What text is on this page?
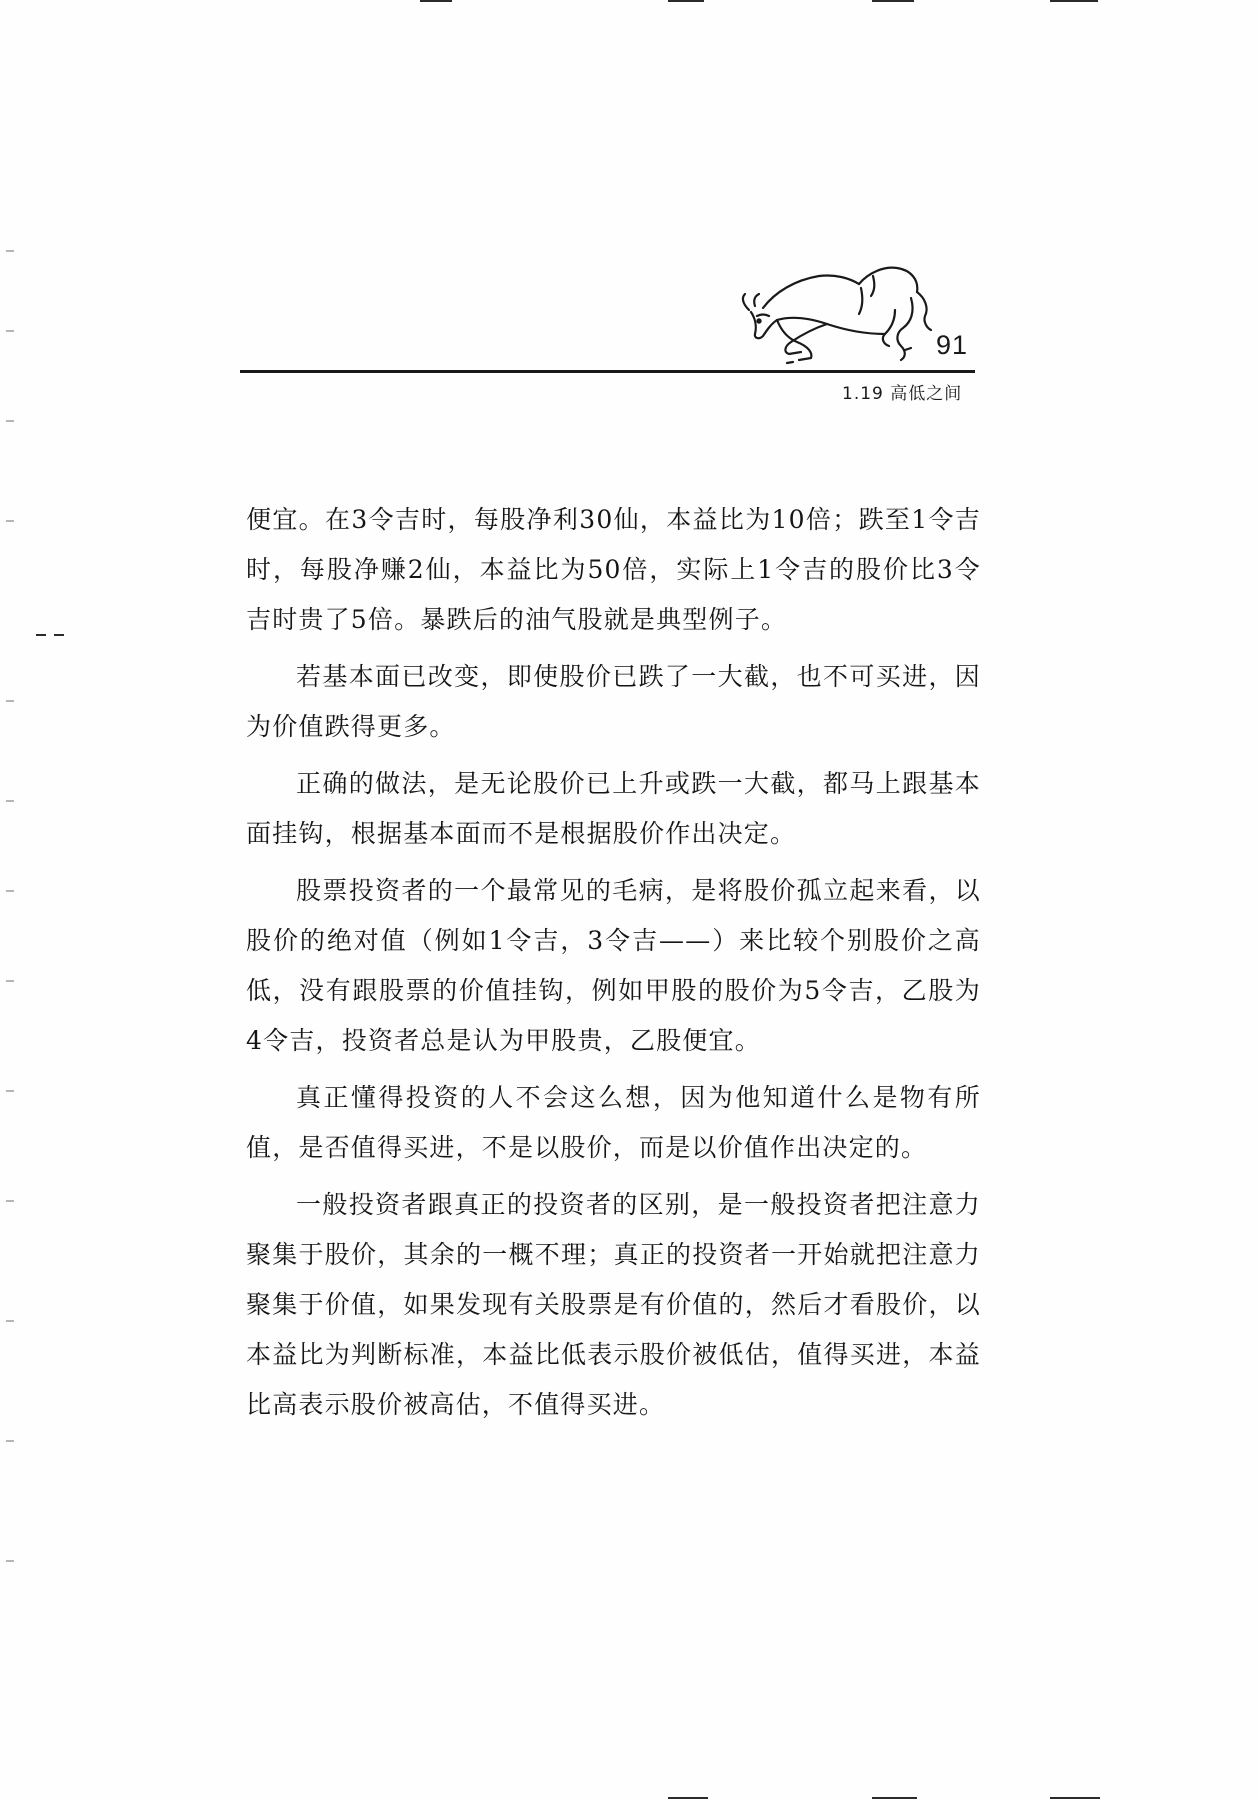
91
1.19 高低之间

便宜。在3令吉时，每股净利30仙，本益比为10倍；跌至1令吉时，每股净赚2仙，本益比为50倍，实际上1令吉的股价比3令吉时贵了5倍。暴跌后的油气股就是典型例子。

若基本面已改变，即使股价已跌了一大截，也不可买进，因为价值跌得更多。

正确的做法，是无论股价已上升或跌一大截，都马上跟基本面挂钩，根据基本面而不是根据股价作出决定。

股票投资者的一个最常见的毛病，是将股价孤立起来看，以股价的绝对值（例如1令吉，3令吉——）来比较个别股价之高低，没有跟股票的价值挂钩，例如甲股的股价为5令吉，乙股为4令吉，投资者总是认为甲股贵，乙股便宜。

真正懂得投资的人不会这么想，因为他知道什么是物有所值，是否值得买进，不是以股价，而是以价值作出决定的。

一般投资者跟真正的投资者的区别，是一般投资者把注意力聚集于股价，其余的一概不理；真正的投资者一开始就把注意力聚集于价值，如果发现有关股票是有价值的，然后才看股价，以本益比为判断标准，本益比低表示股价被低估，值得买进，本益比高表示股价被高估，不值得买进。
